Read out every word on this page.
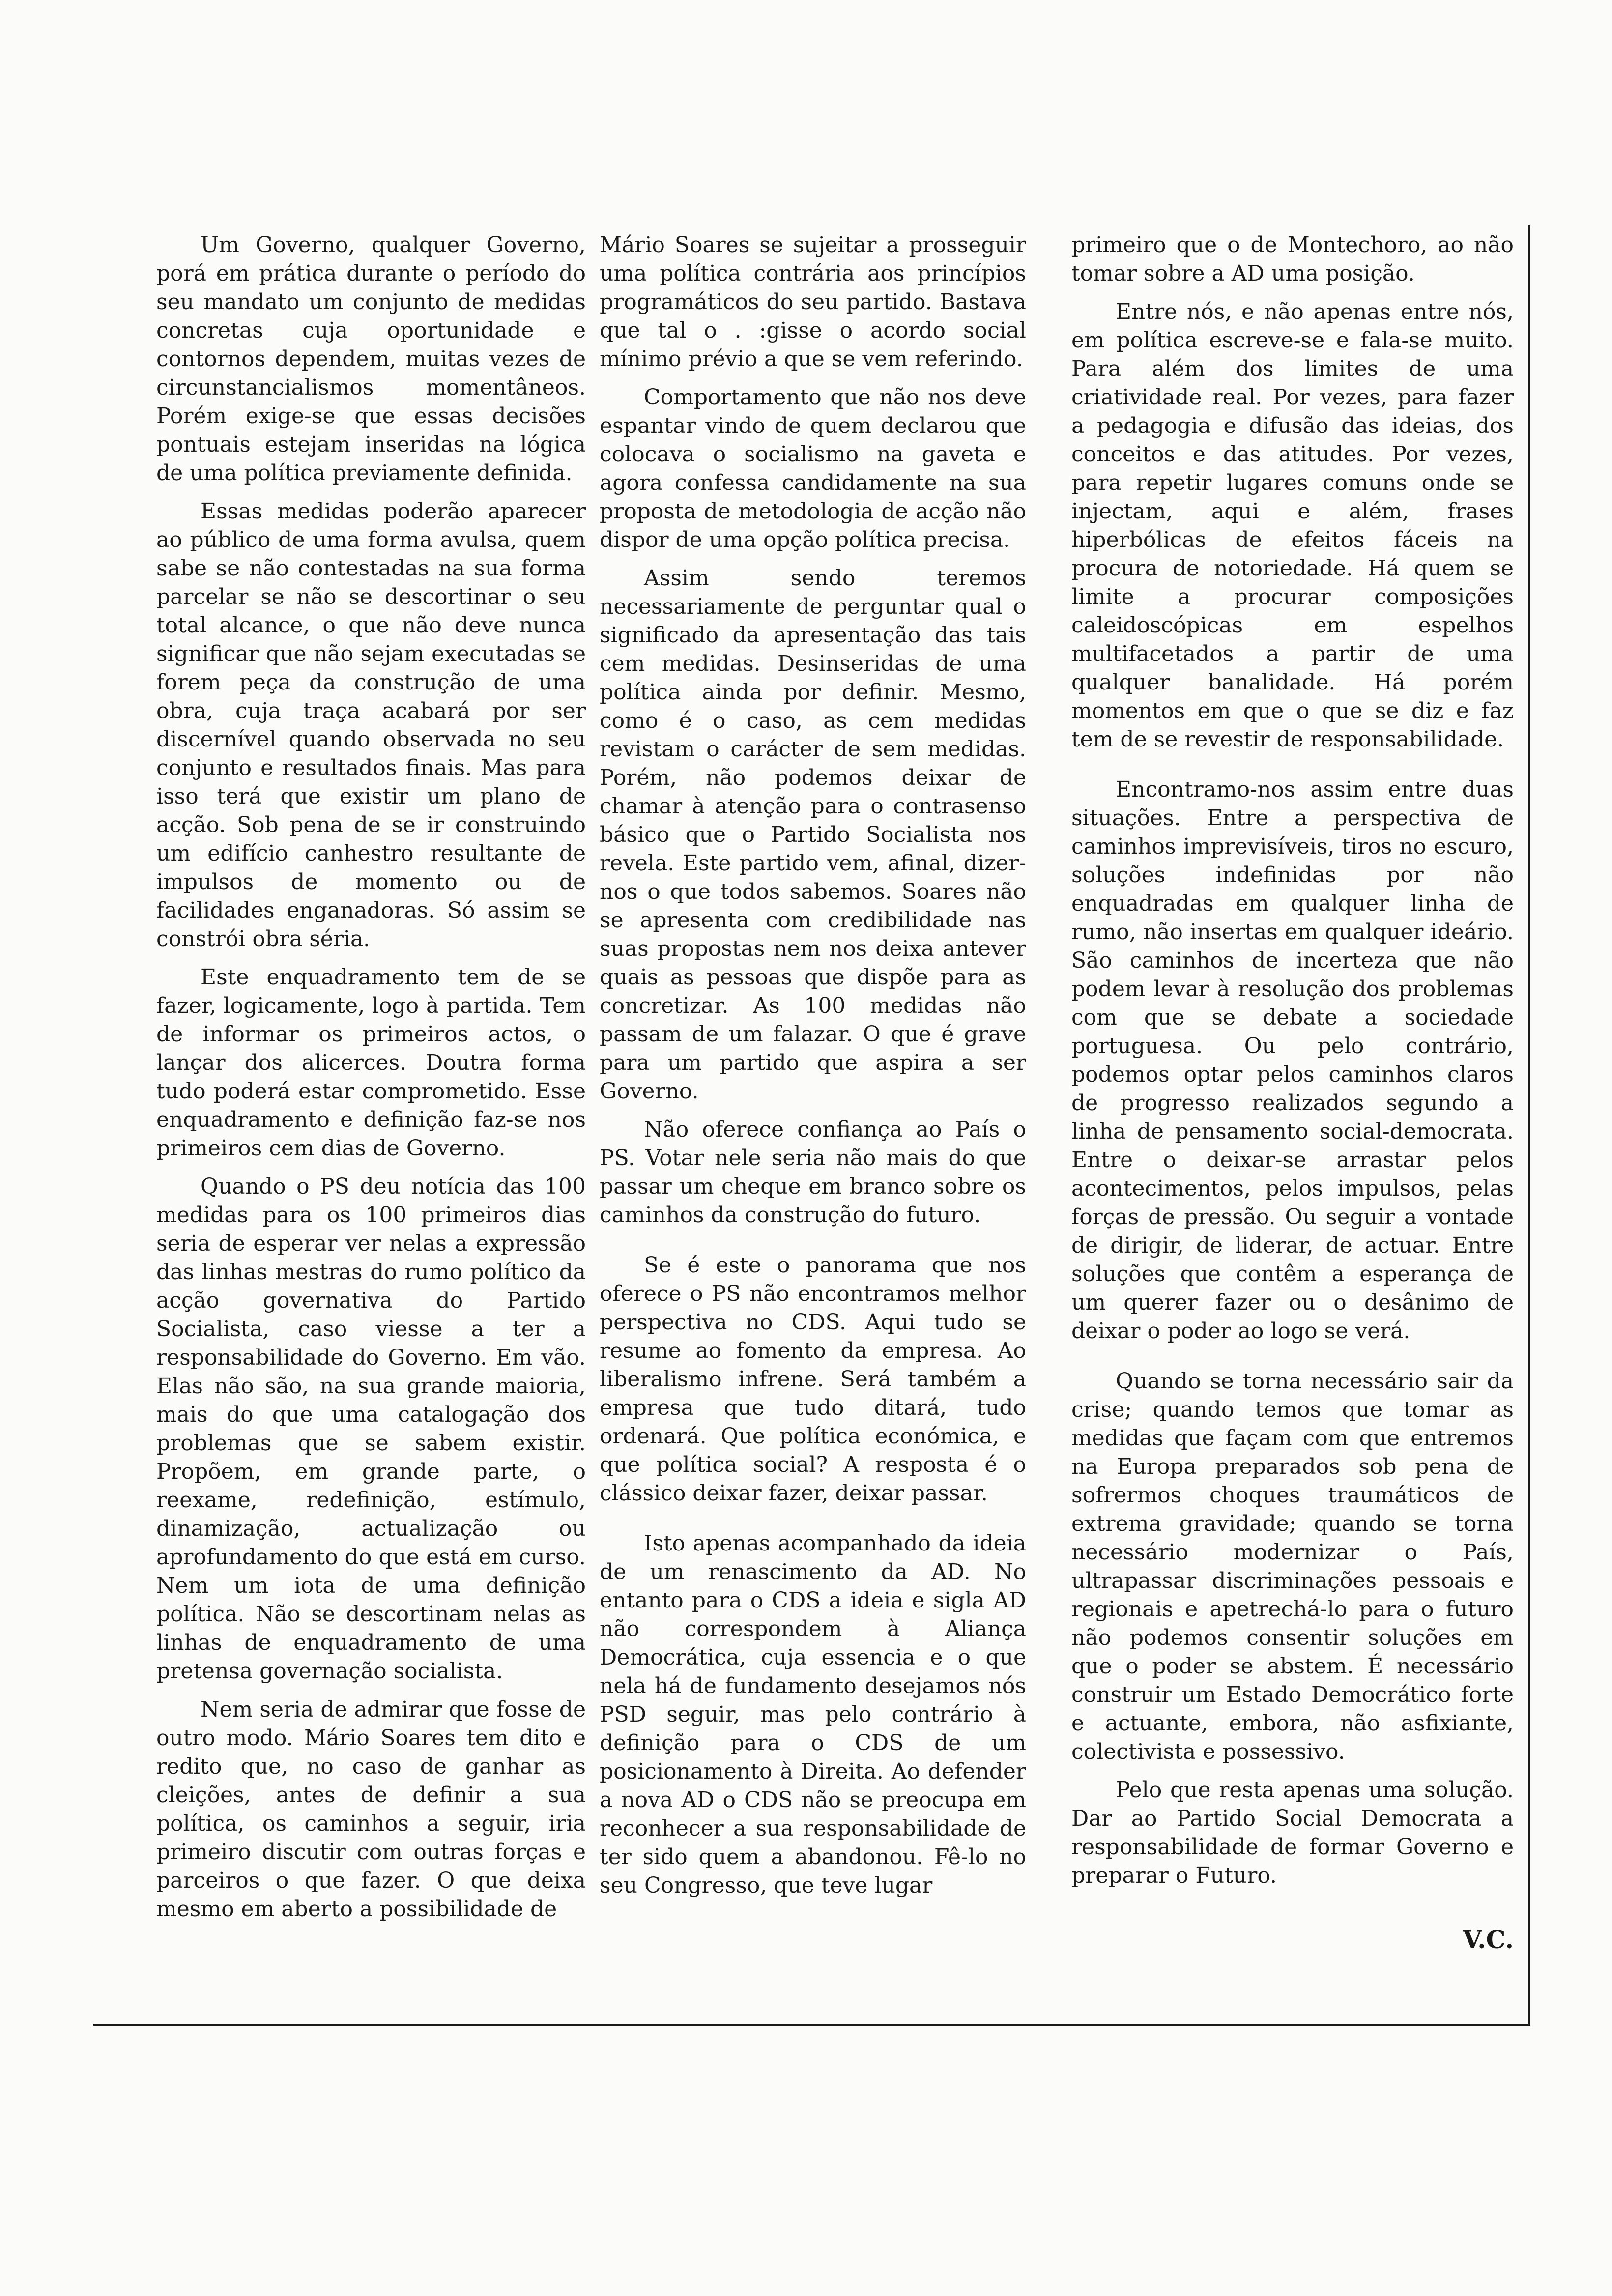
Um Governo, qualquer Governo, porá em prática durante o período do seu mandato um conjunto de medidas concretas cuja oportunidade e contornos dependem, muitas vezes de circunstancialismos momentâneos. Porém exige-se que essas decisões pontuais estejam inseridas na lógica de uma política previamente definida.

Essas medidas poderão aparecer ao público de uma forma avulsa, quem sabe se não contestadas na sua forma parcelar se não se descortinar o seu total alcance, o que não deve nunca significar que não sejam executadas se forem peça da construção de uma obra, cuja traça acabará por ser discernível quando observada no seu conjunto e resultados finais. Mas para isso terá que existir um plano de acção. Sob pena de se ir construindo um edifício canhestro resultante de impulsos de momento ou de facilidades enganadoras. Só assim se constrói obra séria.

Este enquadramento tem de se fazer, logicamente, logo à partida. Tem de informar os primeiros actos, o lançar dos alicerces. Doutra forma tudo poderá estar comprometido. Esse enquadramento e definição faz-se nos primeiros cem dias de Governo.

Quando o PS deu notícia das 100 medidas para os 100 primeiros dias seria de esperar ver nelas a expressão das linhas mestras do rumo político da acção governativa do Partido Socialista, caso viesse a ter a responsabilidade do Governo. Em vão. Elas não são, na sua grande maioria, mais do que uma catalogação dos problemas que se sabem existir. Propõem, em grande parte, o reexame, redefinição, estímulo, dinamização, actualização ou aprofundamento do que está em curso. Nem um iota de uma definição política. Não se descortinam nelas as linhas de enquadramento de uma pretensa governação socialista.

Nem seria de admirar que fosse de outro modo. Mário Soares tem dito e redito que, no caso de ganhar as cleições, antes de definir a sua política, os caminhos a seguir, iria primeiro discutir com outras forças e parceiros o que fazer. O que deixa mesmo em aberto a possibilidade de

Mário Soares se sujeitar a prosseguir uma política contrária aos princípios programáticos do seu partido. Bastava que tal o . :gisse o acordo social mínimo prévio a que se vem referindo.

Comportamento que não nos deve espantar vindo de quem declarou que colocava o socialismo na gaveta e agora confessa candidamente na sua proposta de metodologia de acção não dispor de uma opção política precisa.

Assim sendo teremos necessariamente de perguntar qual o significado da apresentação das tais cem medidas. Desinseridas de uma política ainda por definir. Mesmo, como é o caso, as cem medidas revistam o carácter de sem medidas. Porém, não podemos deixar de chamar à atenção para o contrasenso básico que o Partido Socialista nos revela. Este partido vem, afinal, dizer-nos o que todos sabemos. Soares não se apresenta com credibilidade nas suas propostas nem nos deixa antever quais as pessoas que dispõe para as concretizar. As 100 medidas não passam de um falazar. O que é grave para um partido que aspira a ser Governo.

Não oferece confiança ao País o PS. Votar nele seria não mais do que passar um cheque em branco sobre os caminhos da construção do futuro.

Se é este o panorama que nos oferece o PS não encontramos melhor perspectiva no CDS. Aqui tudo se resume ao fomento da empresa. Ao liberalismo infrene. Será também a empresa que tudo ditará, tudo ordenará. Que política económica, e que política social? A resposta é o clássico deixar fazer, deixar passar.

Isto apenas acompanhado da ideia de um renascimento da AD. No entanto para o CDS a ideia e sigla AD não correspondem à Aliança Democrática, cuja essencia e o que nela há de fundamento desejamos nós PSD seguir, mas pelo contrário à definição para o CDS de um posicionamento à Direita. Ao defender a nova AD o CDS não se preocupa em reconhecer a sua responsabilidade de ter sido quem a abandonou. Fê-lo no seu Congresso, que teve lugar

primeiro que o de Montechoro, ao não tomar sobre a AD uma posição.

Entre nós, e não apenas entre nós, em política escreve-se e fala-se muito. Para além dos limites de uma criatividade real. Por vezes, para fazer a pedagogia e difusão das ideias, dos conceitos e das atitudes. Por vezes, para repetir lugares comuns onde se injectam, aqui e além, frases hiperbólicas de efeitos fáceis na procura de notoriedade. Há quem se limite a procurar composições caleidoscópicas em espelhos multifacetados a partir de uma qualquer banalidade. Há porém momentos em que o que se diz e faz tem de se revestir de responsabilidade.

Encontramo-nos assim entre duas situações. Entre a perspectiva de caminhos imprevisíveis, tiros no escuro, soluções indefinidas por não enquadradas em qualquer linha de rumo, não insertas em qualquer ideário. São caminhos de incerteza que não podem levar à resolução dos problemas com que se debate a sociedade portuguesa. Ou pelo contrário, podemos optar pelos caminhos claros de progresso realizados segundo a linha de pensamento social-democrata. Entre o deixar-se arrastar pelos acontecimentos, pelos impulsos, pelas forças de pressão. Ou seguir a vontade de dirigir, de liderar, de actuar. Entre soluções que contêm a esperança de um querer fazer ou o desânimo de deixar o poder ao logo se verá.

Quando se torna necessário sair da crise; quando temos que tomar as medidas que façam com que entremos na Europa preparados sob pena de sofrermos choques traumáticos de extrema gravidade; quando se torna necessário modernizar o País, ultrapassar discriminações pessoais e regionais e apetrechá-lo para o futuro não podemos consentir soluções em que o poder se abstem. É necessário construir um Estado Democrático forte e actuante, embora, não asfixiante, colectivista e possessivo.

Pelo que resta apenas uma solução. Dar ao Partido Social Democrata a responsabilidade de formar Governo e preparar o Futuro.

V.C.
